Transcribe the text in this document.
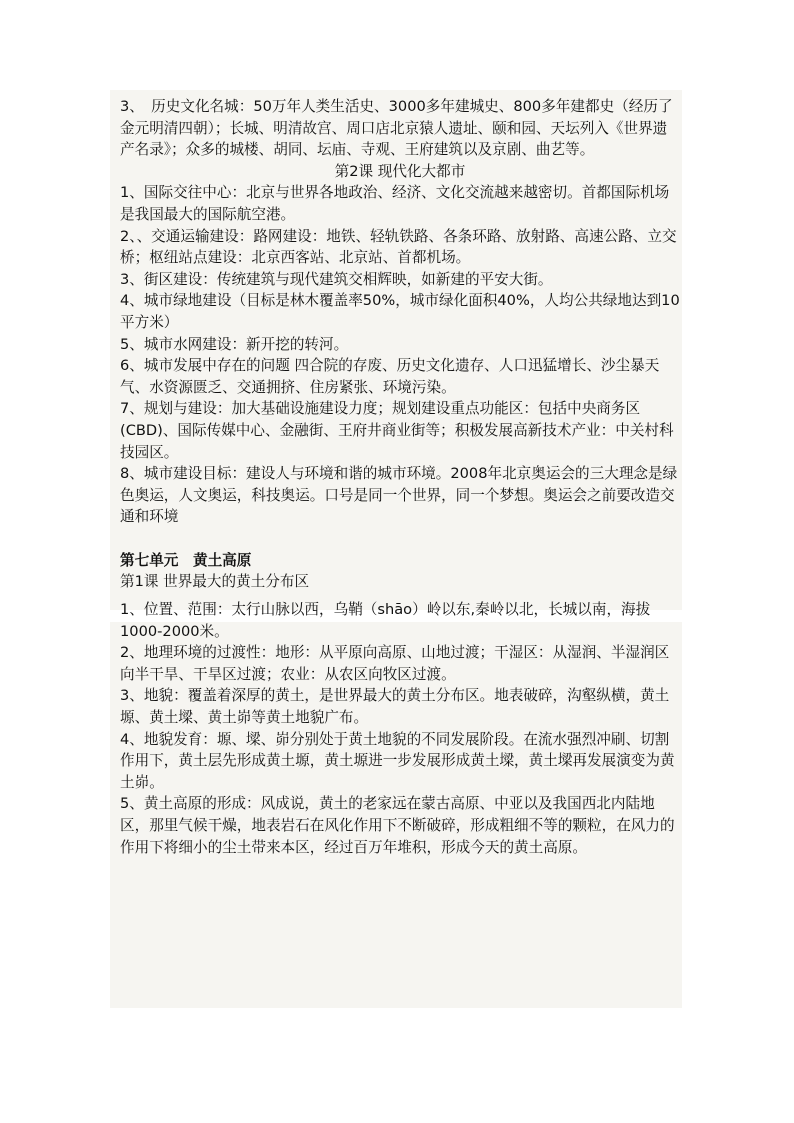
3、　历史文化名城：50万年人类生活史、3000多年建城史、800多年建都史（经历了金元明清四朝）；长城、明清故宫、周口店北京猿人遗址、颐和园、天坛列入《世界遗产名录》；众多的城楼、胡同、坛庙、寺观、王府建筑以及京剧、曲艺等。

第2课 现代化大都市

1、国际交往中心：北京与世界各地政治、经济、文化交流越来越密切。首都国际机场是我国最大的国际航空港。

2、、交通运输建设：路网建设：地铁、轻轨铁路、各条环路、放射路、高速公路、立交桥；枢纽站点建设：北京西客站、北京站、首都机场。

3、街区建设：传统建筑与现代建筑交相辉映，如新建的平安大街。

4、城市绿地建设（目标是林木覆盖率50%，城市绿化面积40%，人均公共绿地达到10平方米）

5、城市水网建设：新开挖的转河。

6、城市发展中存在的问题 四合院的存废、历史文化遗存、人口迅猛增长、沙尘暴天气、水资源匮乏、交通拥挤、住房紧张、环境污染。

7、规划与建设：加大基础设施建设力度；规划建设重点功能区：包括中央商务区(CBD)、国际传媒中心、金融街、王府井商业街等；积极发展高新技术产业：中关村科技园区。

8、城市建设目标：建设人与环境和谐的城市环境。2008年北京奥运会的三大理念是绿色奥运，人文奥运，科技奥运。口号是同一个世界，同一个梦想。奥运会之前要改造交通和环境

第七单元　黄土高原

第1课 世界最大的黄土分布区

1、位置、范围：太行山脉以西，乌鞘（shāo）岭以东,秦岭以北，长城以南，海拔1000-2000米。

2、地理环境的过渡性：地形：从平原向高原、山地过渡；干湿区：从湿润、半湿润区向半干旱、干旱区过渡；农业：从农区向牧区过渡。

3、地貌：覆盖着深厚的黄土，是世界最大的黄土分布区。地表破碎，沟壑纵横，黄土塬、黄土墚、黄土峁等黄土地貌广布。

4、地貌发育：塬、墚、峁分别处于黄土地貌的不同发展阶段。在流水强烈冲刷、切割作用下，黄土层先形成黄土塬，黄土塬进一步发展形成黄土墚，黄土墚再发展演变为黄土峁。

5、黄土高原的形成：风成说，黄土的老家远在蒙古高原、中亚以及我国西北内陆地区，那里气候干燥，地表岩石在风化作用下不断破碎，形成粗细不等的颗粒，在风力的作用下将细小的尘土带来本区，经过百万年堆积，形成今天的黄土高原。
